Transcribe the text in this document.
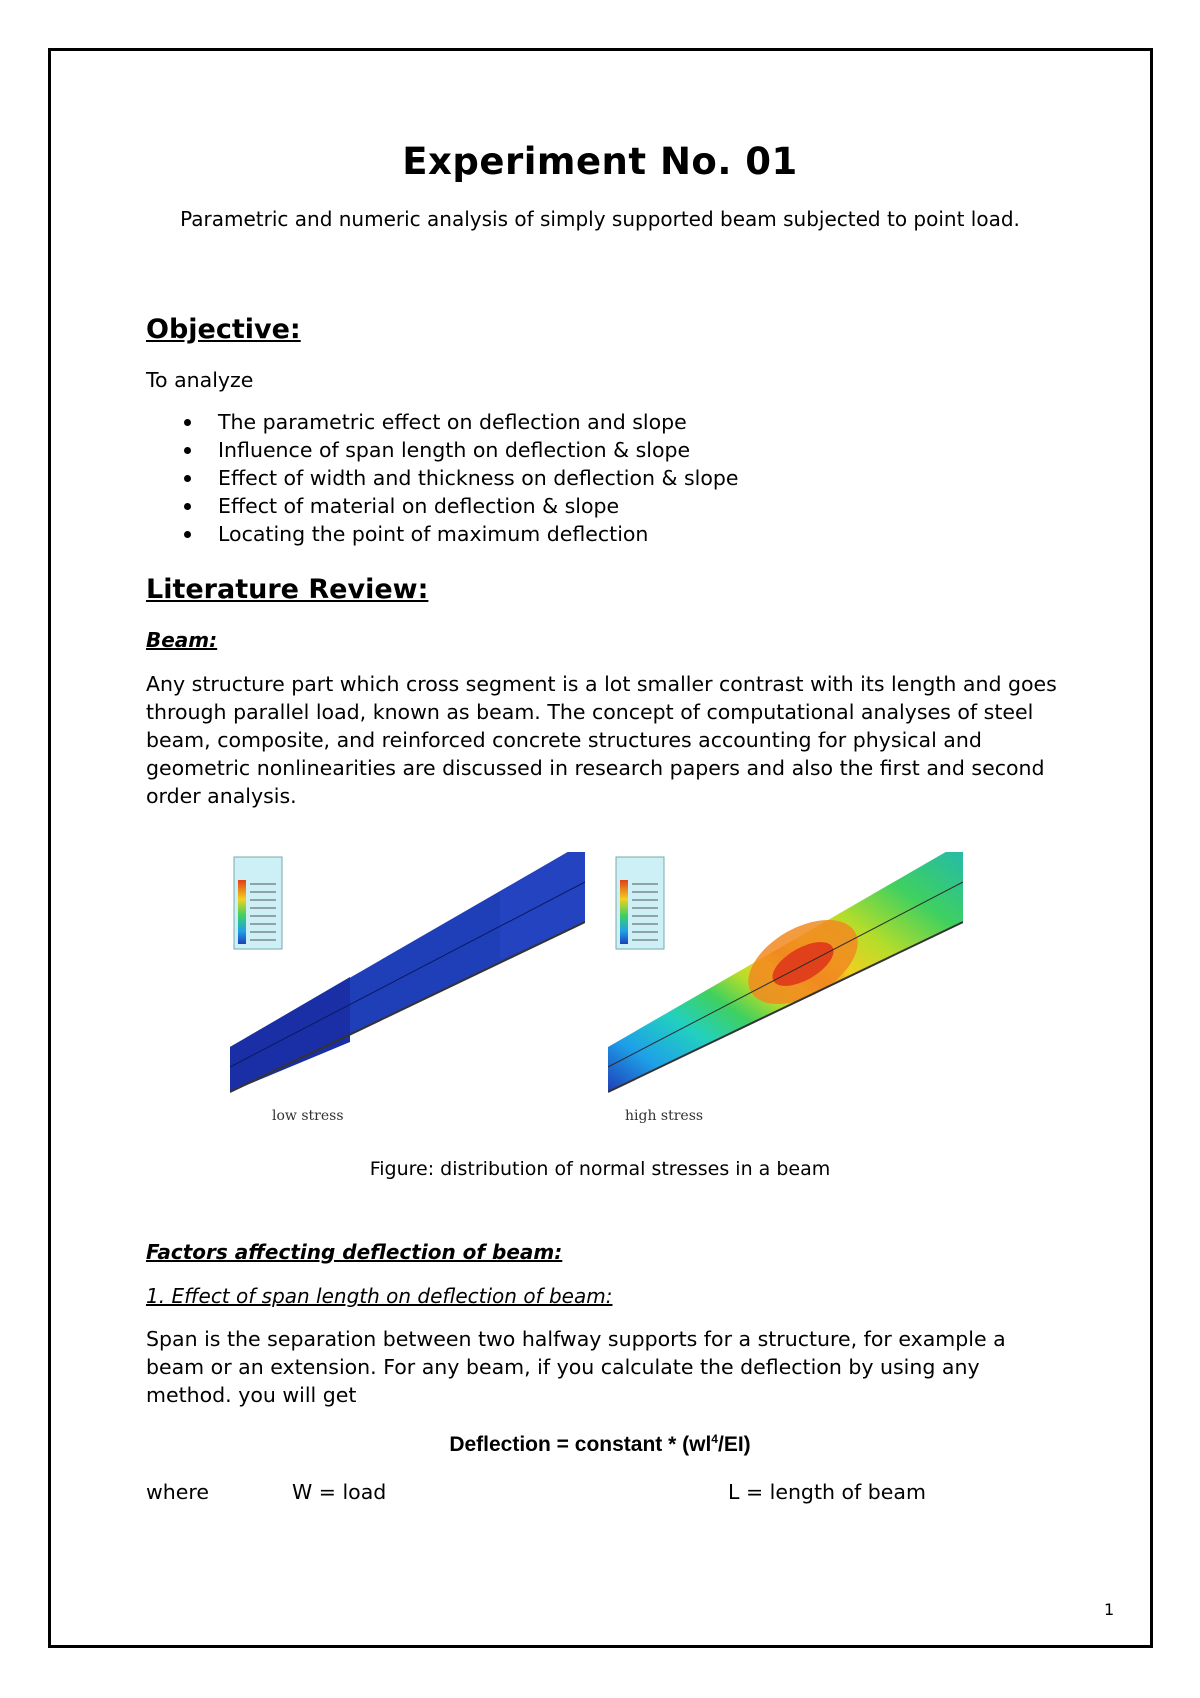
Experiment No. 01
Parametric and numeric analysis of simply supported beam subjected to point load.
Objective:
To analyze
The parametric effect on deflection and slope
Influence of span length on deflection & slope
Effect of width and thickness on deflection & slope
Effect of material on deflection & slope
Locating the point of maximum deflection
Literature Review:
Beam:
Any structure part which cross segment is a lot smaller contrast with its length and goes through parallel load, known as beam. The concept of computational analyses of steel beam, composite, and reinforced concrete structures accounting for physical and geometric nonlinearities are discussed in research papers and also the first and second order analysis.
low stress	high stress
Figure: distribution of normal stresses in a beam
Factors affecting deflection of beam:
1. Effect of span length on deflection of beam:
Span is the separation between two halfway supports for a structure, for example a beam or an extension. For any beam, if you calculate the deflection by using any method. you will get
Deflection = constant * $(wl^4/EI)$
where	W = load	L = length of beam
1
